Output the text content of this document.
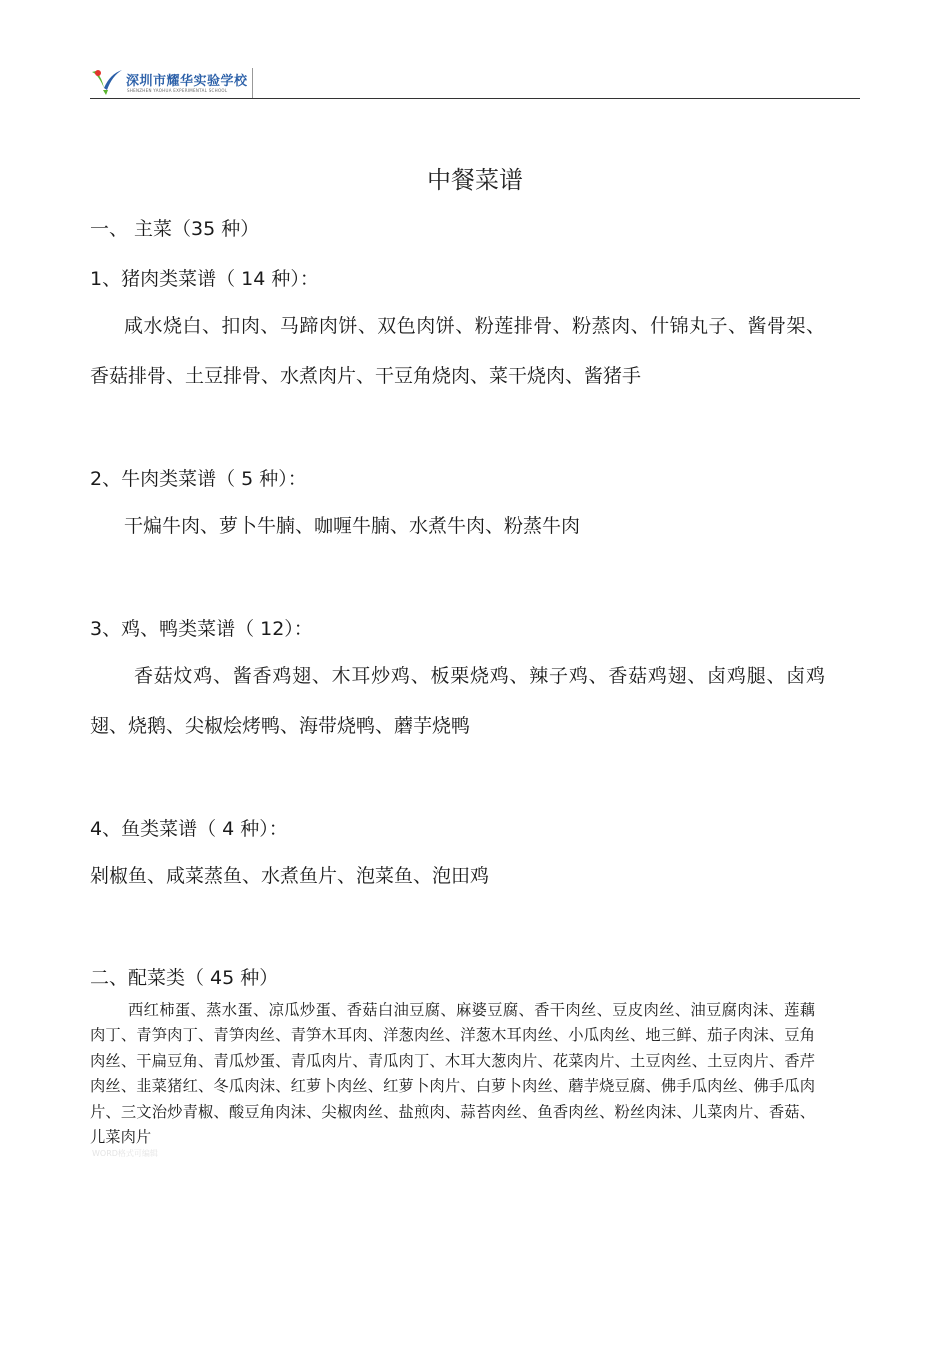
深圳市耀华实验学校
SHENZHEN YAOHUA EXPERIMENTAL SCHOOL
中餐菜谱
一、 主菜（35 种）
1、猪肉类菜谱（ 14 种）：
咸水烧白、扣肉、马蹄肉饼、双色肉饼、粉莲排骨、粉蒸肉、什锦丸子、酱骨架、香菇排骨、土豆排骨、水煮肉片、干豆角烧肉、菜干烧肉、酱猪手
2、牛肉类菜谱（ 5 种）：
干煸牛肉、萝卜牛腩、咖喱牛腩、水煮牛肉、粉蒸牛肉
3、鸡、鸭类菜谱（ 12）：
香菇炆鸡、酱香鸡翅、木耳炒鸡、板栗烧鸡、辣子鸡、香菇鸡翅、卤鸡腿、卤鸡翅、烧鹅、尖椒烩烤鸭、海带烧鸭、蘑芋烧鸭
4、鱼类菜谱（ 4 种）：
剁椒鱼、咸菜蒸鱼、水煮鱼片、泡菜鱼、泡田鸡
二、配菜类（ 45 种）
西红柿蛋、蒸水蛋、凉瓜炒蛋、香菇白油豆腐、麻婆豆腐、香干肉丝、豆皮肉丝、油豆腐肉沫、莲藕肉丁、青笋肉丁、青笋肉丝、青笋木耳肉、洋葱肉丝、洋葱木耳肉丝、小瓜肉丝、地三鲜、茄子肉沫、豆角肉丝、干扁豆角、青瓜炒蛋、青瓜肉片、青瓜肉丁、木耳大葱肉片、花菜肉片、土豆肉丝、土豆肉片、香芹肉丝、韭菜猪红、冬瓜肉沫、红萝卜肉丝、红萝卜肉片、白萝卜肉丝、蘑芋烧豆腐、佛手瓜肉丝、佛手瓜肉片、三文治炒青椒、酸豆角肉沫、尖椒肉丝、盐煎肉、蒜苔肉丝、鱼香肉丝、粉丝肉沫、儿菜肉片、香菇、儿菜肉片
WORD格式可编辑
